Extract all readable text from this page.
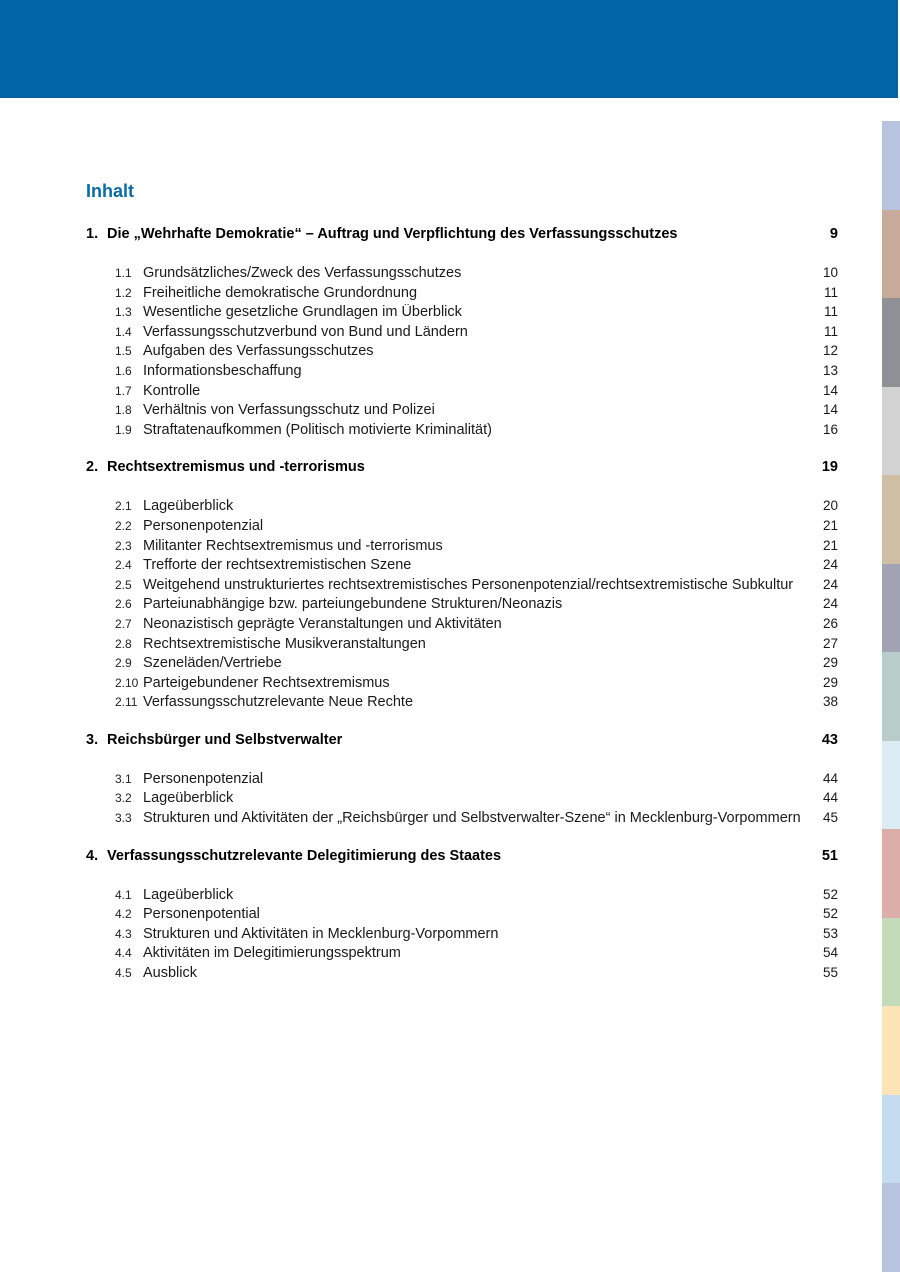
Inhalt
1. Die „Wehrhafte Demokratie“ – Auftrag und Verpflichtung des Verfassungsschutzes	9
1.1 Grundsätzliches/Zweck des Verfassungsschutzes	10
1.2 Freiheitliche demokratische Grundordnung	11
1.3 Wesentliche gesetzliche Grundlagen im Überblick	11
1.4 Verfassungsschutzverbund von Bund und Ländern	11
1.5 Aufgaben des Verfassungsschutzes	12
1.6 Informationsbeschaffung	13
1.7 Kontrolle	14
1.8 Verhältnis von Verfassungsschutz und Polizei	14
1.9 Straftatenaufkommen (Politisch motivierte Kriminalität)	16
2. Rechtsextremismus und -terrorismus	19
2.1 Lageüberblick	20
2.2 Personenpotenzial	21
2.3 Militanter Rechtsextremismus und -terrorismus	21
2.4 Trefforte der rechtsextremistischen Szene	24
2.5 Weitgehend unstrukturiertes rechtsextremistisches Personenpotenzial/rechtsextremistische Subkultur	24
2.6 Parteiunabhängige bzw. parteiungebundene Strukturen/Neonazis	24
2.7 Neonazistisch geprägte Veranstaltungen und Aktivitäten	26
2.8 Rechtsextremistische Musikveranstaltungen	27
2.9 Szeneläden/Vertriebe	29
2.10 Parteigebundener Rechtsextremismus	29
2.11 Verfassungsschutzrelevante Neue Rechte	38
3. Reichsbürger und Selbstverwalter	43
3.1 Personenpotenzial	44
3.2 Lageüberblick	44
3.3 Strukturen und Aktivitäten der „Reichsbürger und Selbstverwalter-Szene“ in Mecklenburg-Vorpommern	45
4. Verfassungsschutzrelevante Delegitimierung des Staates	51
4.1 Lageüberblick	52
4.2 Personenpotential	52
4.3 Strukturen und Aktivitäten in Mecklenburg-Vorpommern	53
4.4 Aktivitäten im Delegitimierungsspektrum	54
4.5 Ausblick	55
